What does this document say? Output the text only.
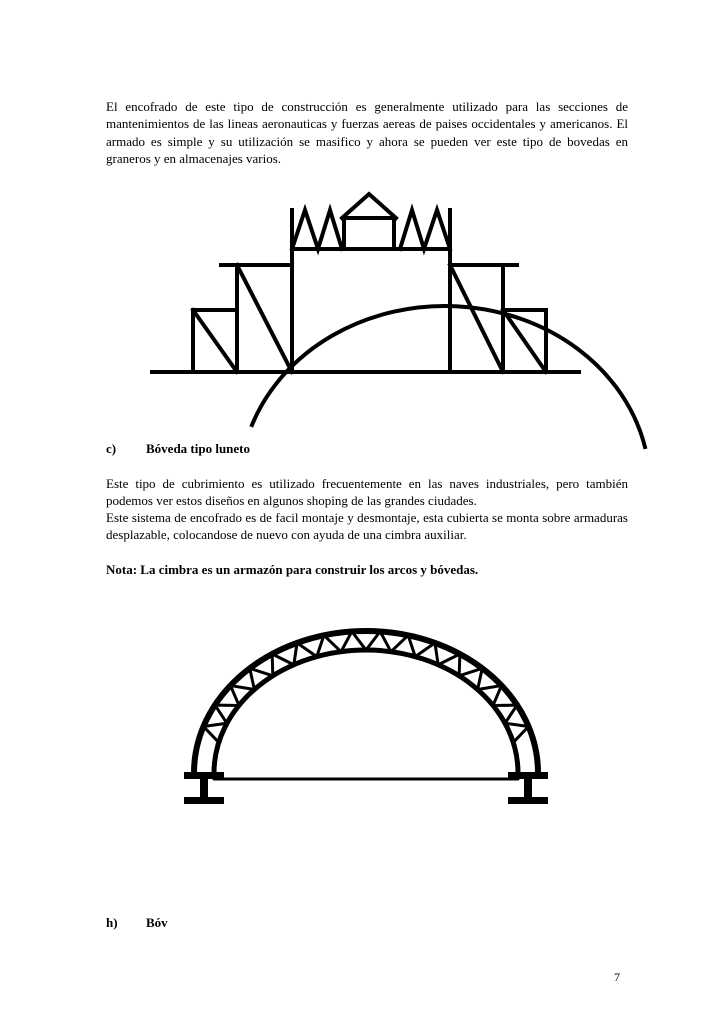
El encofrado de este tipo de construcción es generalmente utilizado para las secciones de mantenimientos de las lineas aeronauticas y fuerzas aereas de paises occidentales y americanos. El armado es simple y su utilización se masifico y ahora se pueden ver este tipo de bovedas en graneros y en almacenajes varios.
c) Bóveda tipo luneto
Este tipo de cubrimiento es utilizado frecuentemente en las naves industriales, pero también podemos ver estos diseños en algunos shoping de las grandes ciudades.
Este sistema de encofrado es de facil montaje y desmontaje, esta cubierta se monta sobre armaduras desplazable, colocandose de nuevo con ayuda de una cimbra auxiliar.
Nota: La cimbra es un armazón para construir los arcos y bóvedas.
h) Bóv
7
